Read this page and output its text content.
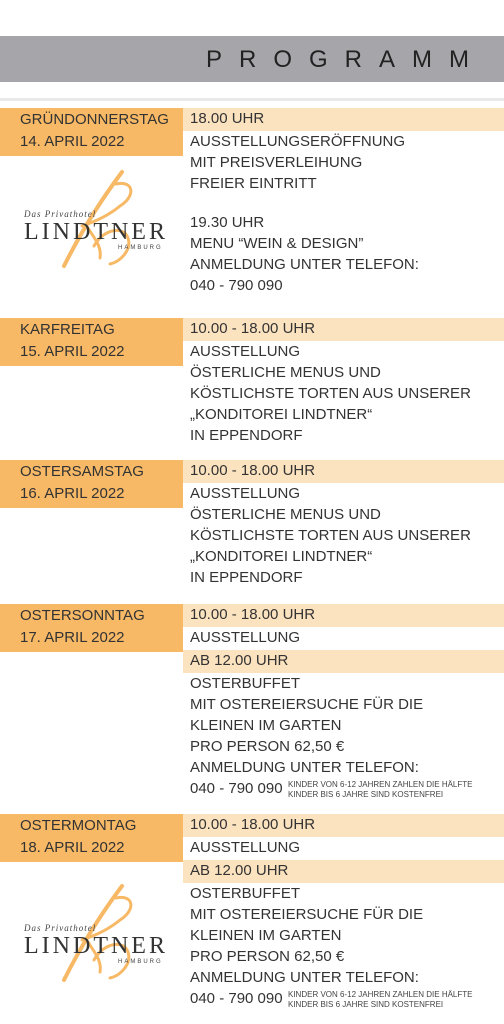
PROGRAMM
GRÜNDONNERSTAG
14. APRIL 2022
18.00 UHR
AUSSTELLUNGSERÖFFNUNG
MIT PREISVERLEIHUNG
FREIER EINTRITT
19.30 UHR
MENU “WEIN & DESIGN”
ANMELDUNG UNTER TELEFON:
040 - 790 090
Das Privathotel
LINDTNER
HAMBURG
KARFREITAG
15. APRIL 2022
10.00 - 18.00 UHR
AUSSTELLUNG
ÖSTERLICHE MENUS UND
KÖSTLICHSTE TORTEN AUS UNSERER
„KONDITOREI LINDTNER“
IN EPPENDORF
OSTERSAMSTAG
16. APRIL 2022
10.00 - 18.00 UHR
AUSSTELLUNG
ÖSTERLICHE MENUS UND
KÖSTLICHSTE TORTEN AUS UNSERER
„KONDITOREI LINDTNER“
IN EPPENDORF
OSTERSONNTAG
17. APRIL 2022
10.00 - 18.00 UHR
AUSSTELLUNG
AB 12.00 UHR
OSTERBUFFET
MIT OSTEREIERSUCHE FÜR DIE
KLEINEN IM GARTEN
PRO PERSON 62,50 €
ANMELDUNG UNTER TELEFON:
040 - 790 090 KINDER VON 6-12 JAHREN ZAHLEN DIE HÄLFTE
KINDER BIS 6 JAHRE SIND KOSTENFREI
OSTERMONTAG
18. APRIL 2022
10.00 - 18.00 UHR
AUSSTELLUNG
AB 12.00 UHR
OSTERBUFFET
MIT OSTEREIERSUCHE FÜR DIE
KLEINEN IM GARTEN
PRO PERSON 62,50 €
ANMELDUNG UNTER TELEFON:
040 - 790 090 KINDER VON 6-12 JAHREN ZAHLEN DIE HÄLFTE
KINDER BIS 6 JAHRE SIND KOSTENFREI
Das Privathotel
LINDTNER
HAMBURG
